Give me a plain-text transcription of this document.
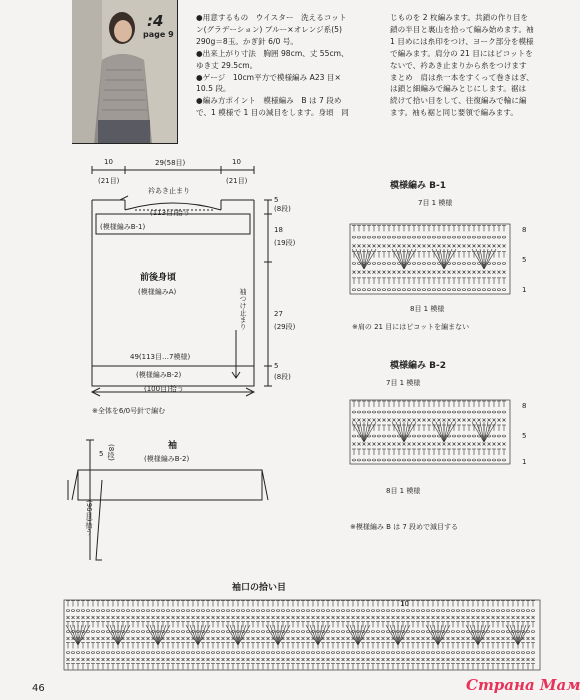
:4
page 9

●用意するもの　ウイスター　洗えるコット

ン(グラデーション) ブルー×オレンジ系(5)

290g＝8玉。かぎ針 6/0 号。

●出来上がり寸法　胸囲 98cm、丈 55cm、

ゆき丈 29.5cm。

●ゲージ　10cm平方で模様編み A23 目×

10.5 段。

●編み方ポイント　模様編み　B は 7 段め

で、1 模様で 1 目の減目をします。身頃　同

じものを 2 枚編みます。共鎖の作り目を

鎖の半目と裏山を拾って編み始めます。袖

1 目めには糸印をつけ、ヨーク部分を模様

で編みます。肩分の 21 目にはピコットを

ないで、衿あき止まりから糸をつけます

まとめ　肩は糸一本をすくって巻きはぎ、

は鎖と細編みで編みとじにします。裾は

続けて拾い目をして、往復編みで輪に編

ます。袖も裾と同じ要領で編みます。

10
(21目)
29(58目)	10
(21目)
衿あき止まり
(113目)拾う
(模様編みB-1)
前後身頃
(模様編みA)	袖つけ止まり
49(113目…7模様)
(模様編みB-2)
(100目)拾う
5
(8段)
18
(19段)
27
(29段)
5
(8段)
※全体を6/0号針で編む
袖
(模様編みB-2)
5 (8段)
(96目)拾う
模様編み B-1
7目 1 模様
8目 1 模様
8
5
1
※肩の 21 目にはピコットを編まない
模様編み B-2
7目 1 模様
8目 1 模様
8
5
1
※模様編み B は 7 段めで減目する
袖口の拾い目
10
46	Страна Мам
